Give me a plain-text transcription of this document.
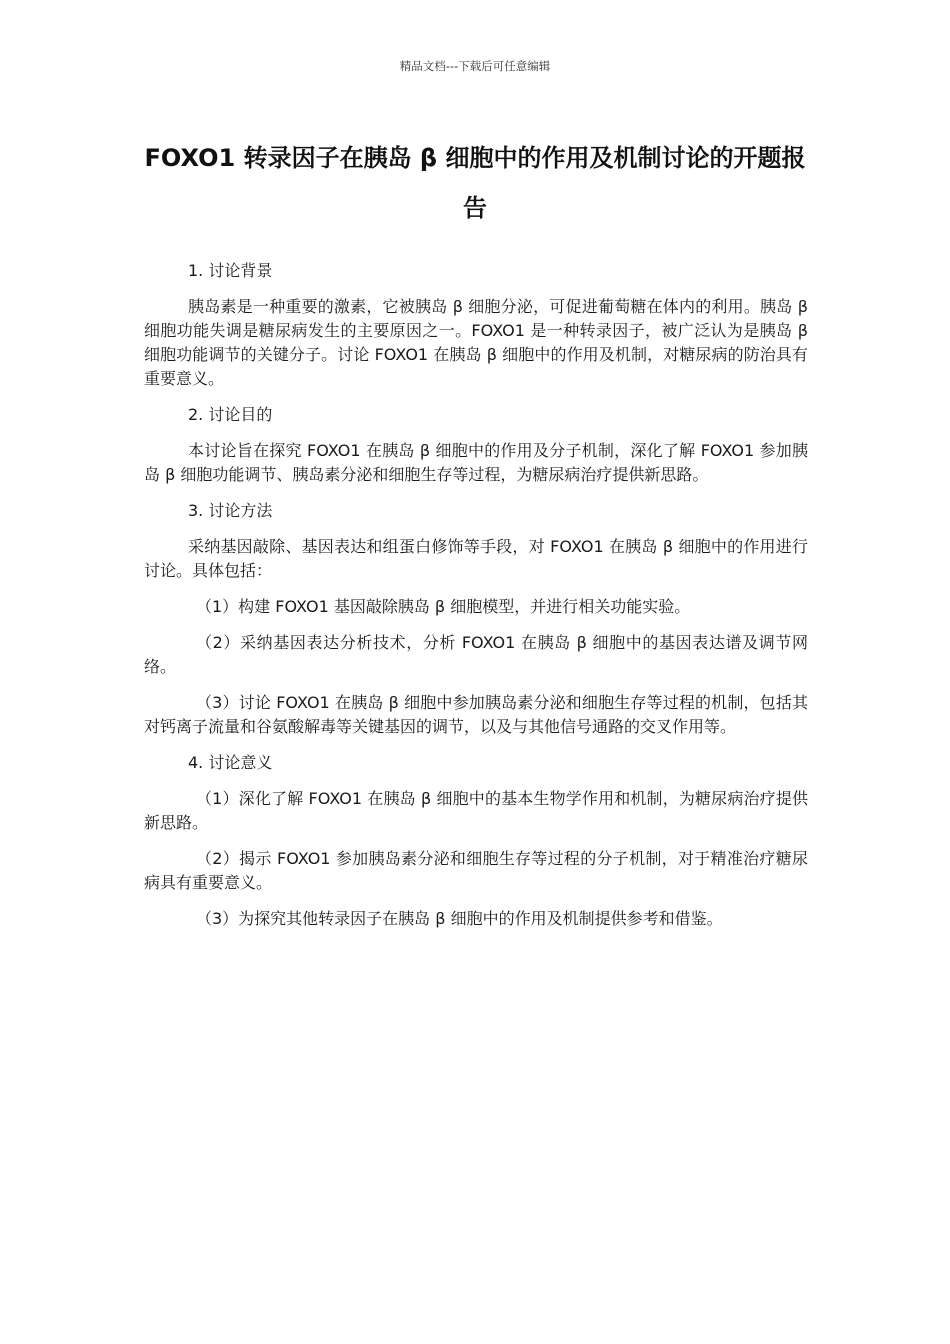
精品文档---下载后可任意编辑
FOXO1 转录因子在胰岛 β 细胞中的作用及机制讨论的开题报告

1. 讨论背景

胰岛素是一种重要的激素，它被胰岛 β 细胞分泌，可促进葡萄糖在体内的利用。胰岛 β 细胞功能失调是糖尿病发生的主要原因之一。FOXO1 是一种转录因子，被广泛认为是胰岛 β 细胞功能调节的关键分子。讨论 FOXO1 在胰岛 β 细胞中的作用及机制，对糖尿病的防治具有重要意义。

2. 讨论目的

本讨论旨在探究 FOXO1 在胰岛 β 细胞中的作用及分子机制，深化了解 FOXO1 参加胰岛 β 细胞功能调节、胰岛素分泌和细胞生存等过程，为糖尿病治疗提供新思路。

3. 讨论方法

采纳基因敲除、基因表达和组蛋白修饰等手段，对 FOXO1 在胰岛 β 细胞中的作用进行讨论。具体包括：

（1）构建 FOXO1 基因敲除胰岛 β 细胞模型，并进行相关功能实验。

（2）采纳基因表达分析技术，分析 FOXO1 在胰岛 β 细胞中的基因表达谱及调节网络。

（3）讨论 FOXO1 在胰岛 β 细胞中参加胰岛素分泌和细胞生存等过程的机制，包括其对钙离子流量和谷氨酸解毒等关键基因的调节，以及与其他信号通路的交叉作用等。

4. 讨论意义

（1）深化了解 FOXO1 在胰岛 β 细胞中的基本生物学作用和机制，为糖尿病治疗提供新思路。

（2）揭示 FOXO1 参加胰岛素分泌和细胞生存等过程的分子机制，对于精准治疗糖尿病具有重要意义。

（3）为探究其他转录因子在胰岛 β 细胞中的作用及机制提供参考和借鉴。
